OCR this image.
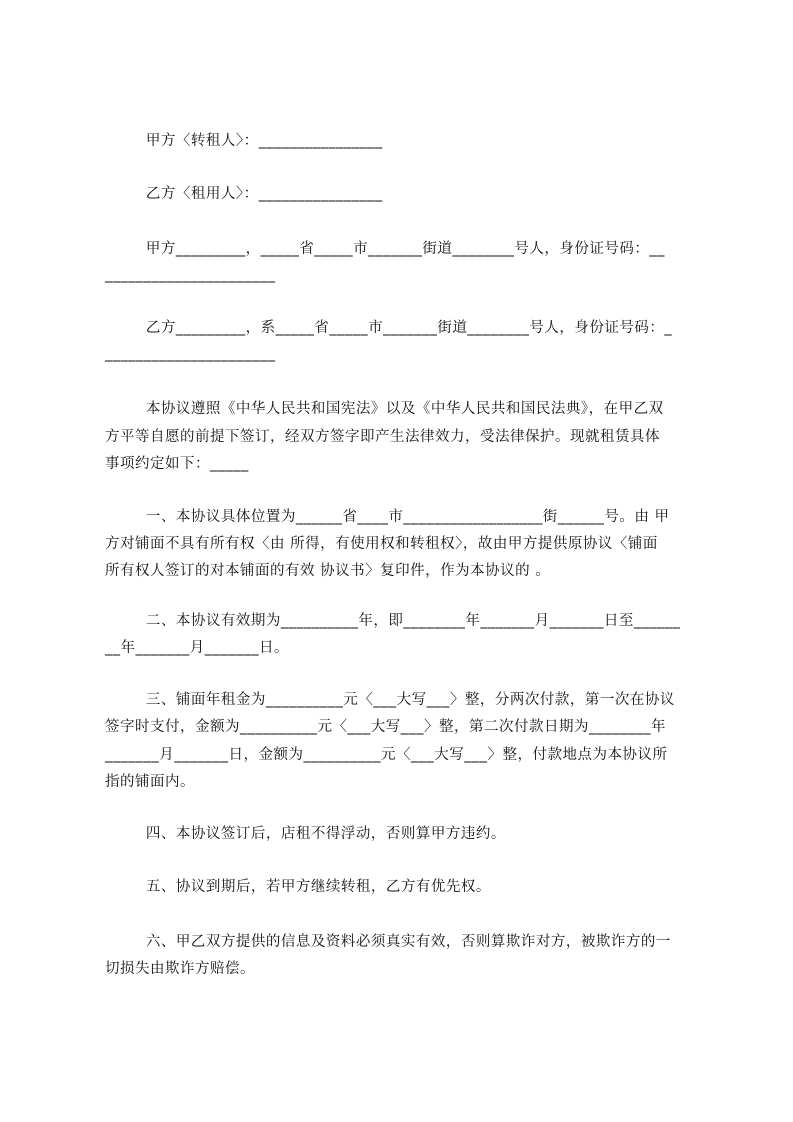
甲方〈转租人〉：________________
乙方〈租用人〉：________________
甲方_________，_____省_____市_______街道________号人，身份证号码：__
______________________
乙方_________，系_____省_____市_______街道________号人，身份证号码：_
______________________
本协议遵照《中华人民共和国宪法》以及《中华人民共和国民法典》，在甲乙双
方平等自愿的前提下签订，经双方签字即产生法律效力，受法律保护。现就租赁具体
事项约定如下：_____
一、本协议具体位置为______省____市__________________街______号。由 甲
方对铺面不具有所有权〈由 所得，有使用权和转租权〉，故由甲方提供原协议〈铺面
所有权人签订的对本铺面的有效 协议书〉复印件，作为本协议的 。
二、本协议有效期为__________年，即________年_______月_______日至______
__年_______月_______日。
三、铺面年租金为__________元〈___大写___〉整，分两次付款，第一次在协议
签字时支付，金额为__________元〈___大写___〉整，第二次付款日期为________年
_______月_______日，金额为__________元〈___大写___〉整，付款地点为本协议所
指的铺面内。
四、本协议签订后，店租不得浮动，否则算甲方违约。
五、协议到期后，若甲方继续转租，乙方有优先权。
六、甲乙双方提供的信息及资料必须真实有效，否则算欺诈对方，被欺诈方的一
切损失由欺诈方赔偿。
